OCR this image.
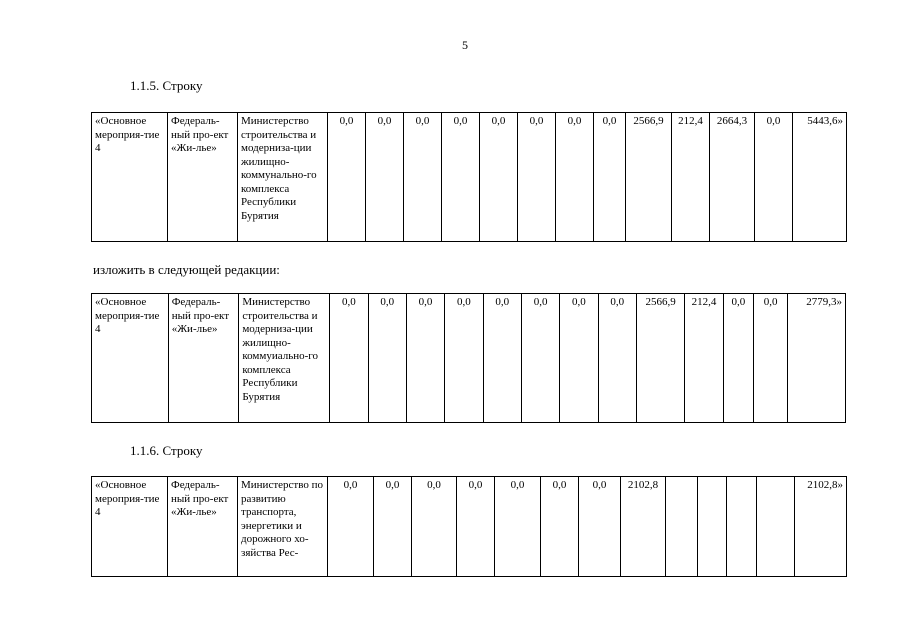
5
1.1.5. Строку
«Основное мероприя-тие 4	Федераль-ный про-ект «Жи-лье»	Министерство строительства и модерниза-ции жилищно-коммунально-го комплекса Республики Бурятия	0,0	0,0	0,0	0,0	0,0	0,0	0,0	0,0	2566,9	212,4	2664,3	0,0	5443,6»
изложить в следующей редакции:
«Основное мероприя-тие 4	Федераль-ный про-ект «Жи-лье»	Министерство строительства и модерниза-ции жилищно-коммуиально-го комплекса Республики Бурятия	0,0	0,0	0,0	0,0	0,0	0,0	0,0	0,0	2566,9	212,4	0,0	0,0	2779,3»
1.1.6. Строку
«Основное мероприя-тие 4	Федераль-ный про-ект «Жи-лье»	Министерство по развитию транспорта, энергетики и дорожного хо-зяйства Рес-	0,0	0,0	0,0	0,0	0,0	0,0	0,0	2102,8					2102,8»
